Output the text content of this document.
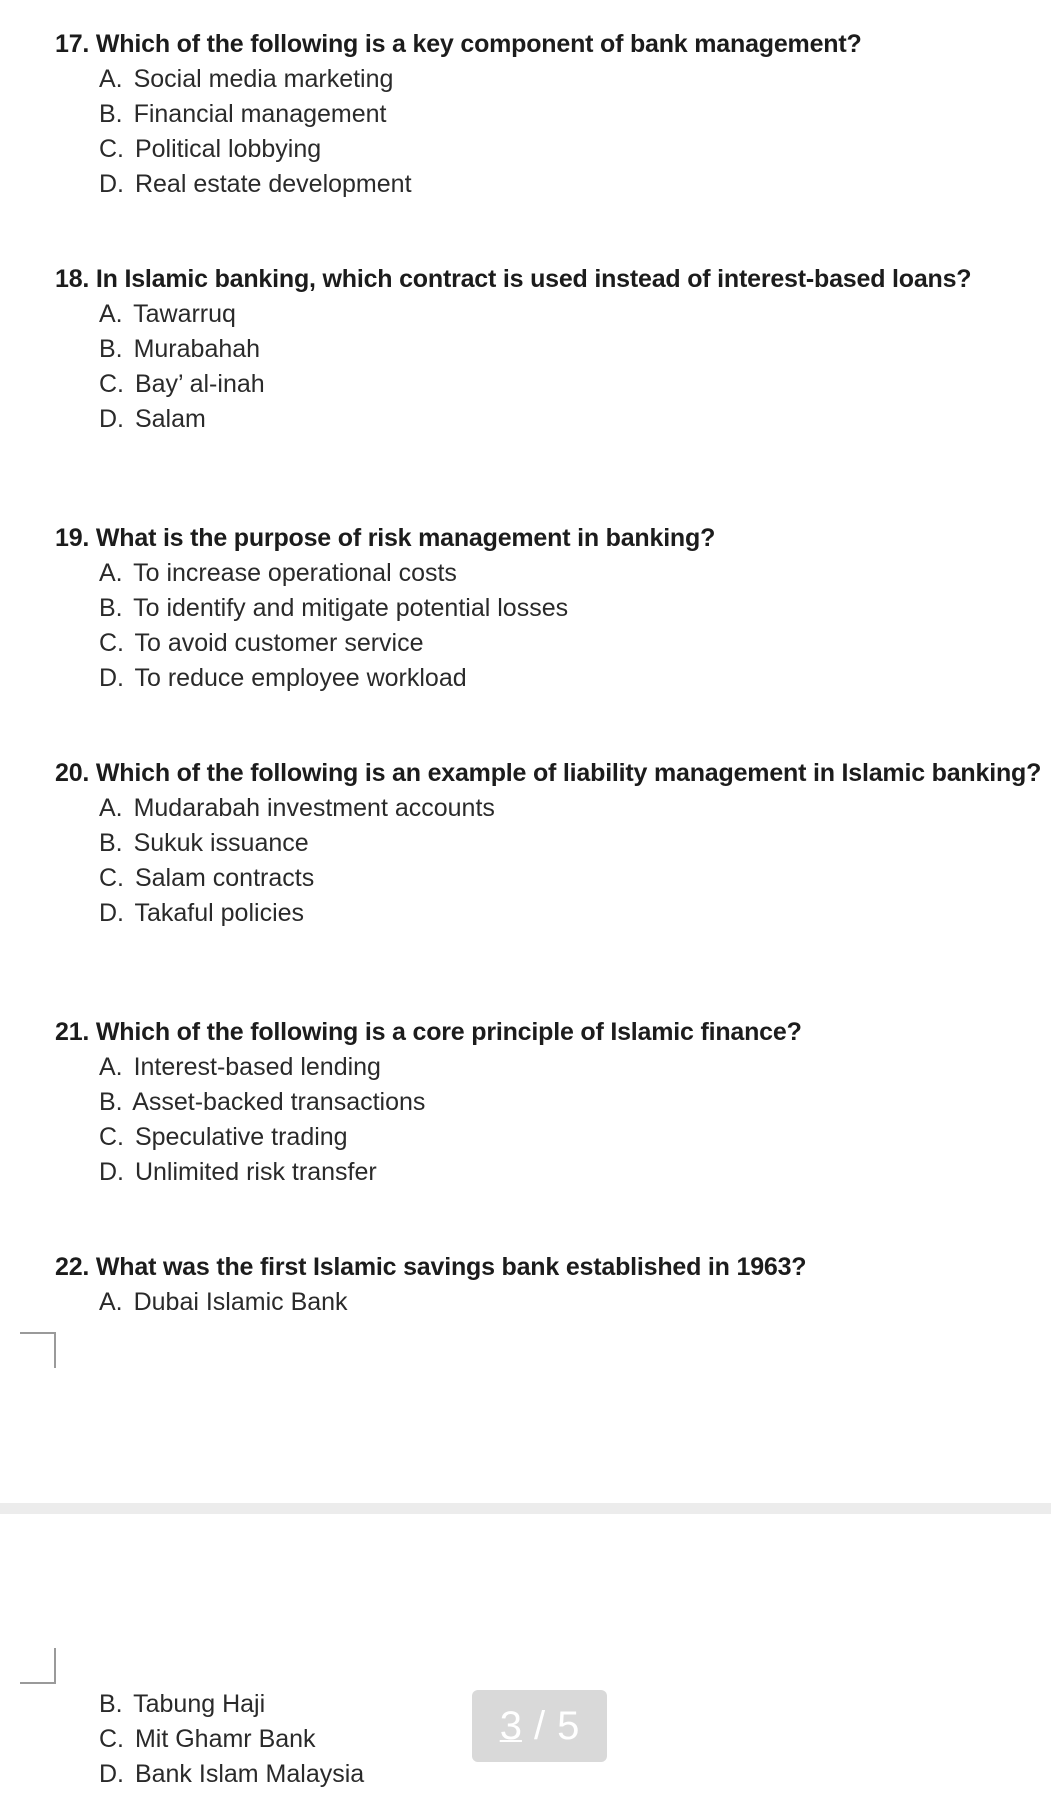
17. Which of the following is a key component of bank management?
A. Social media marketing
B. Financial management
C. Political lobbying
D. Real estate development
18. In Islamic banking, which contract is used instead of interest-based loans?
A. Tawarruq
B. Murabahah
C. Bay’ al-inah
D. Salam
19. What is the purpose of risk management in banking?
A. To increase operational costs
B. To identify and mitigate potential losses
C. To avoid customer service
D. To reduce employee workload
20. Which of the following is an example of liability management in Islamic banking?
A. Mudarabah investment accounts
B. Sukuk issuance
C. Salam contracts
D. Takaful policies
21. Which of the following is a core principle of Islamic finance?
A. Interest-based lending
B. Asset-backed transactions
C. Speculative trading
D. Unlimited risk transfer
22. What was the first Islamic savings bank established in 1963?
A. Dubai Islamic Bank
B. Tabung Haji
C. Mit Ghamr Bank
D. Bank Islam Malaysia
3 / 5
